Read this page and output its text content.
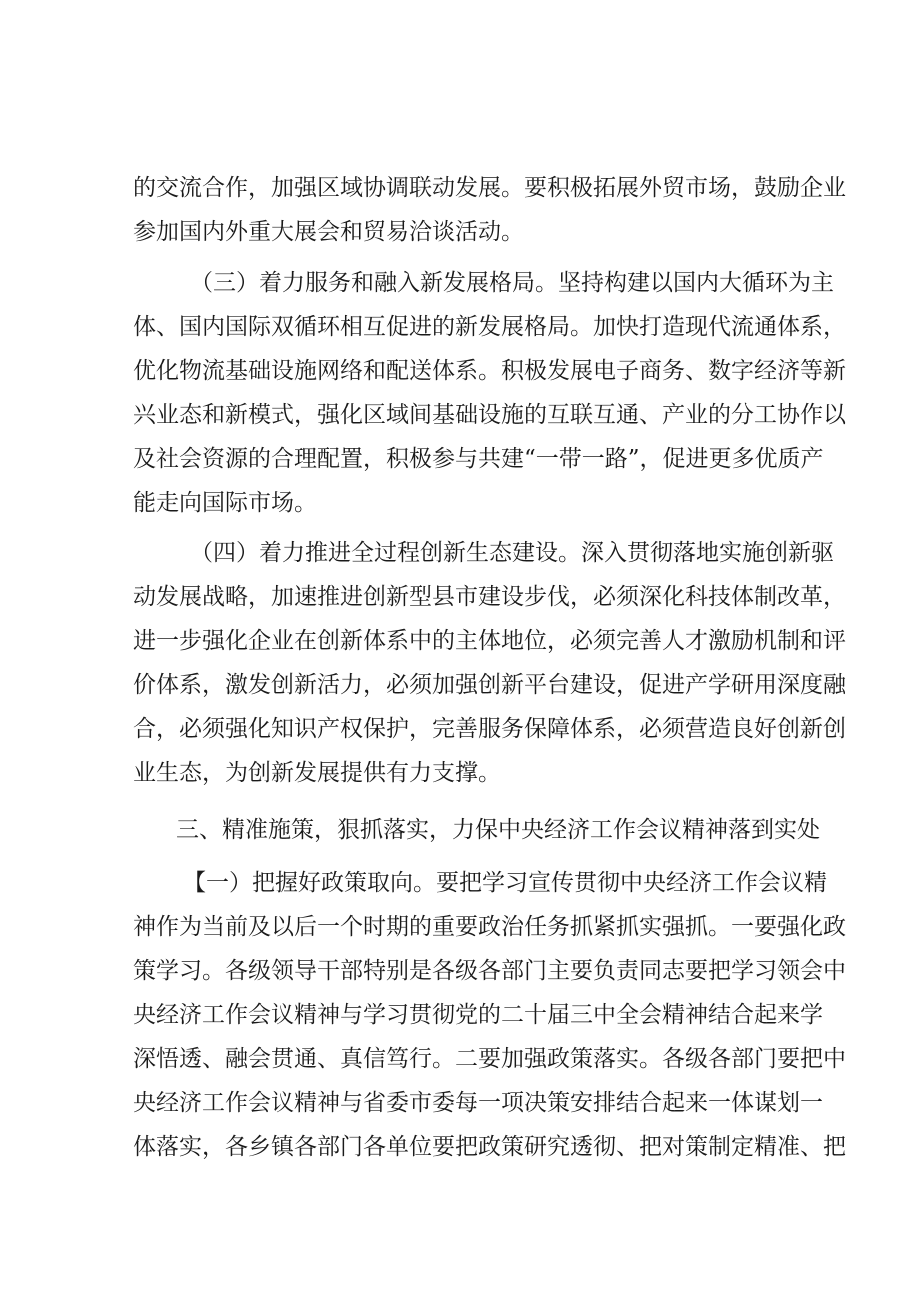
的交流合作，加强区域协调联动发展。要积极拓展外贸市场，鼓励企业
参加国内外重大展会和贸易洽谈活动。
（三）着力服务和融入新发展格局。坚持构建以国内大循环为主
体、国内国际双循环相互促进的新发展格局。加快打造现代流通体系，
优化物流基础设施网络和配送体系。积极发展电子商务、数字经济等新
兴业态和新模式，强化区域间基础设施的互联互通、产业的分工协作以
及社会资源的合理配置，积极参与共建“一带一路”，促进更多优质产
能走向国际市场。
（四）着力推进全过程创新生态建设。深入贯彻落地实施创新驱
动发展战略，加速推进创新型县市建设步伐，必须深化科技体制改革，
进一步强化企业在创新体系中的主体地位，必须完善人才激励机制和评
价体系，激发创新活力，必须加强创新平台建设，促进产学研用深度融
合，必须强化知识产权保护，完善服务保障体系，必须营造良好创新创
业生态，为创新发展提供有力支撑。
三、精准施策，狠抓落实，力保中央经济工作会议精神落到实处
【一）把握好政策取向。要把学习宣传贯彻中央经济工作会议精
神作为当前及以后一个时期的重要政治任务抓紧抓实强抓。一要强化政
策学习。各级领导干部特别是各级各部门主要负责同志要把学习领会中
央经济工作会议精神与学习贯彻党的二十届三中全会精神结合起来学
深悟透、融会贯通、真信笃行。二要加强政策落实。各级各部门要把中
央经济工作会议精神与省委市委每一项决策安排结合起来一体谋划一
体落实，各乡镇各部门各单位要把政策研究透彻、把对策制定精准、把
